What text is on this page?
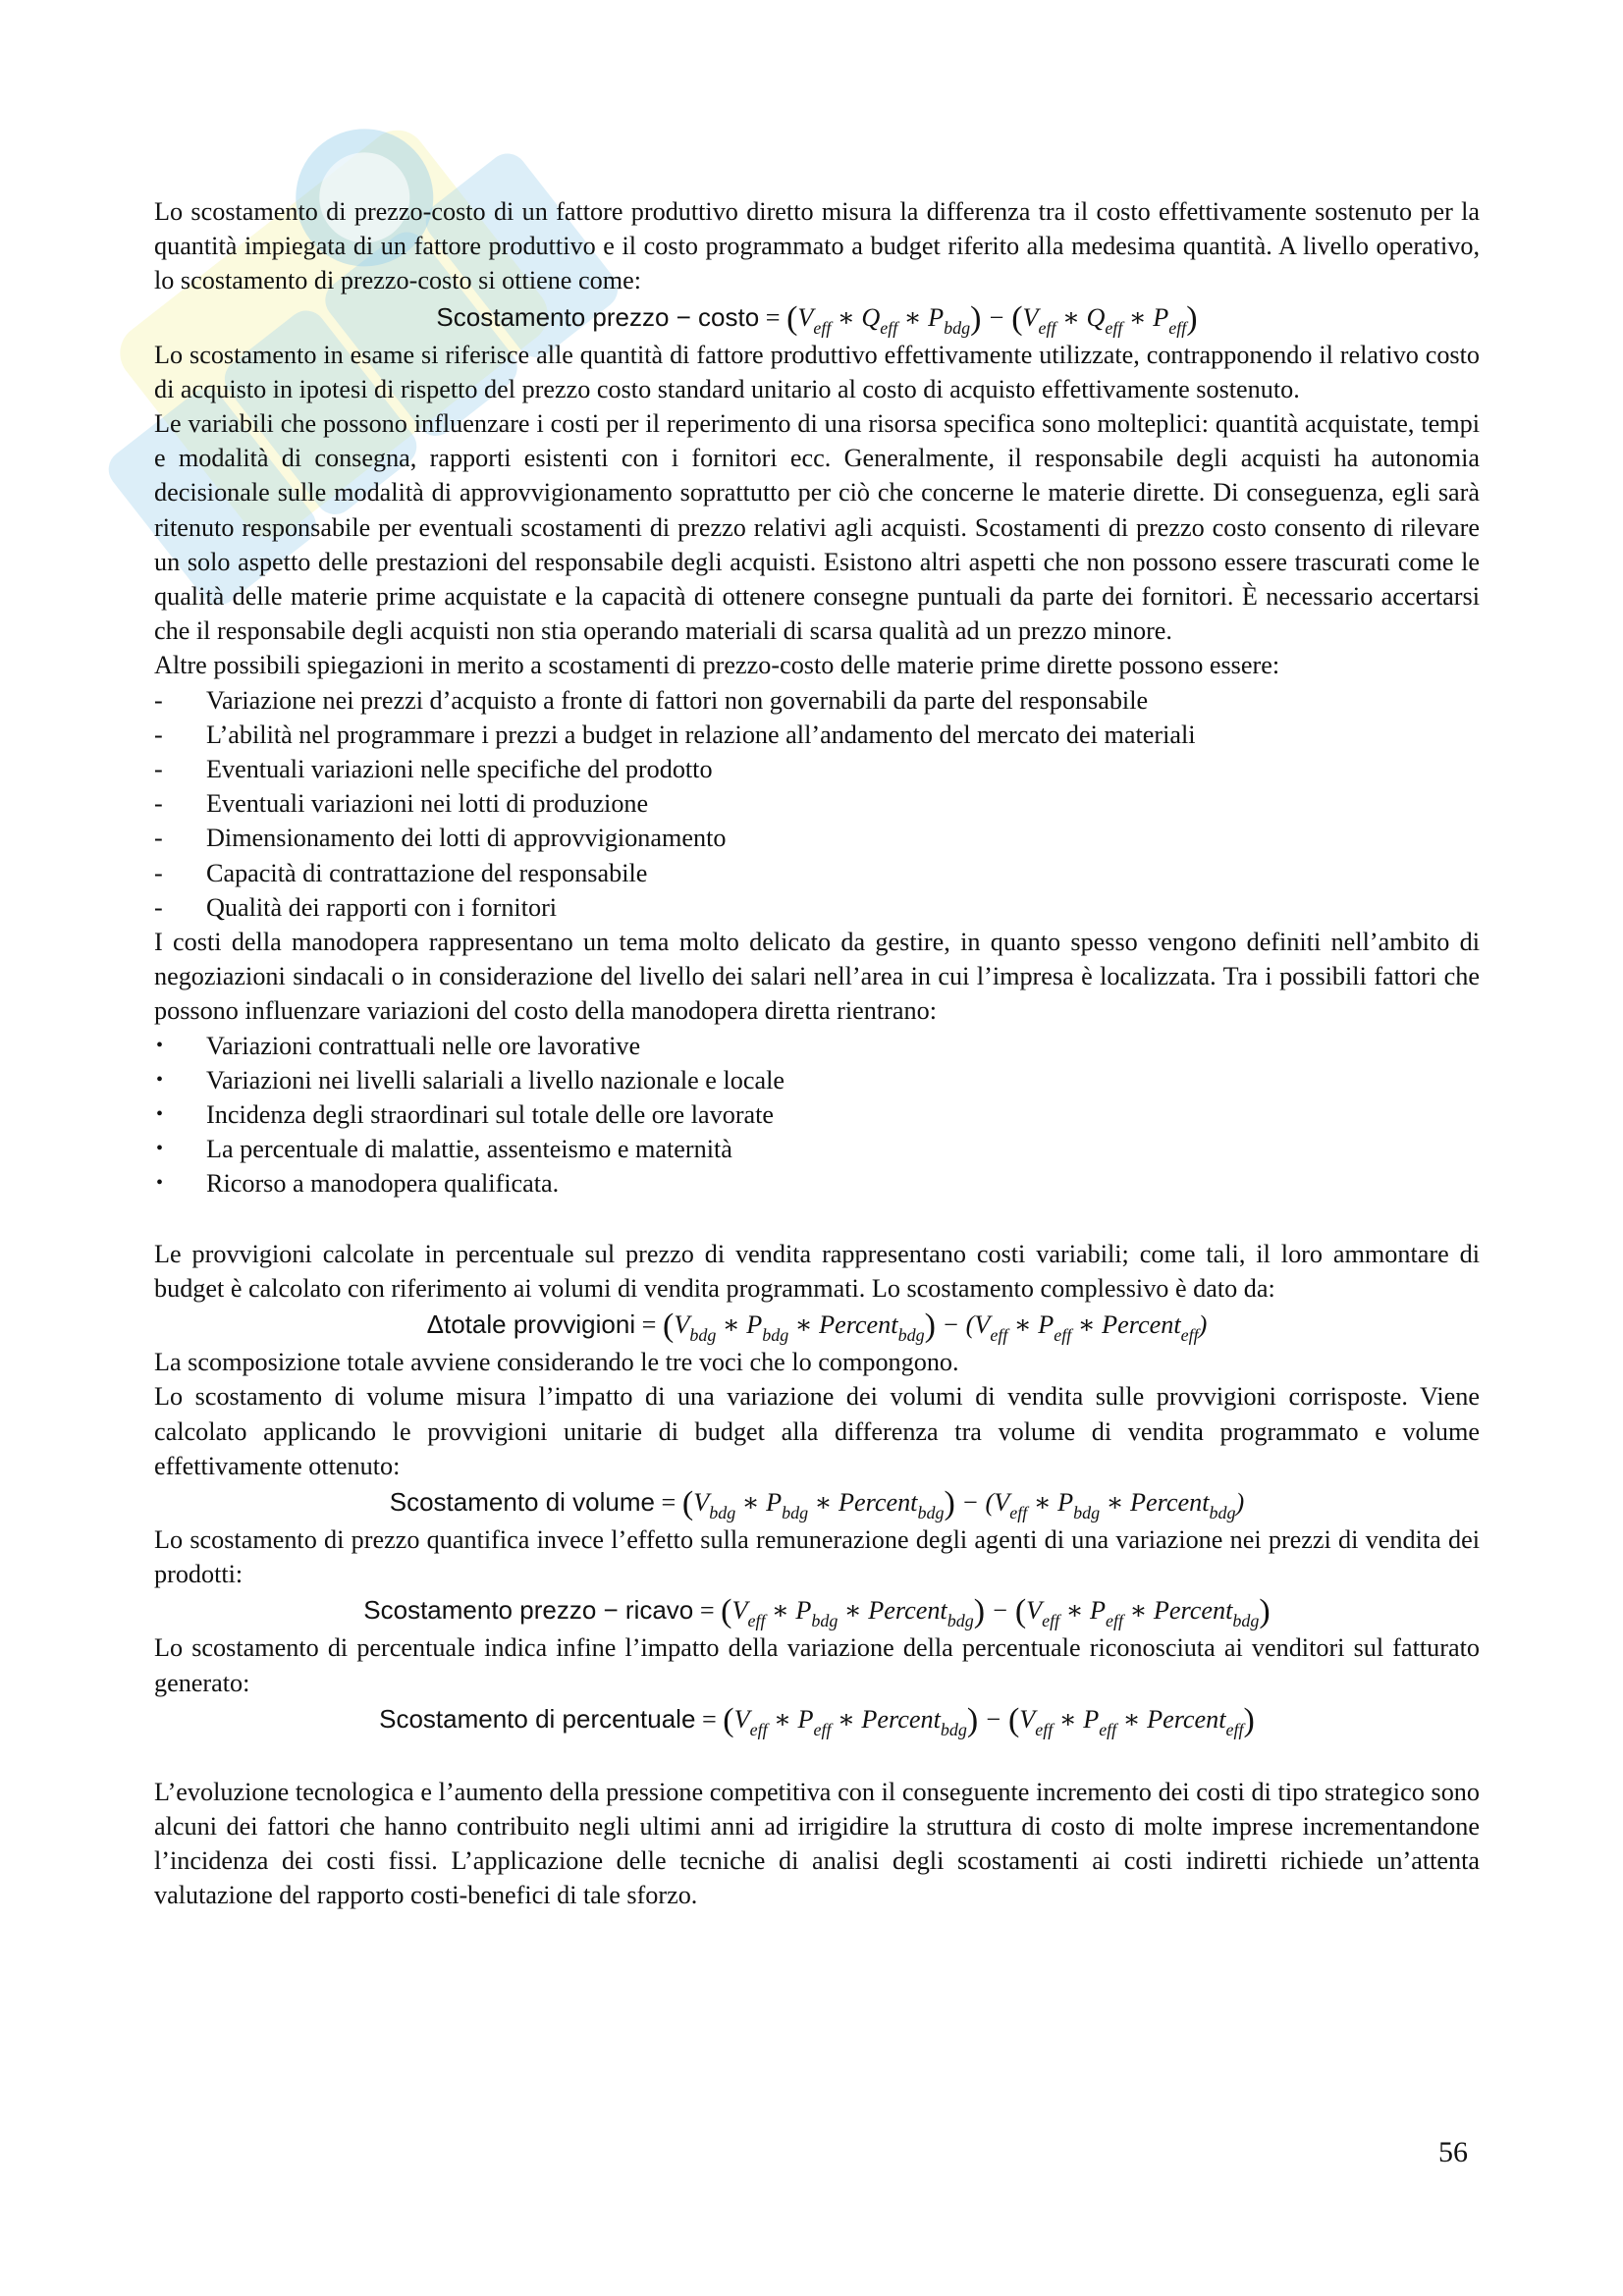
Lo scostamento di prezzo-costo di un fattore produttivo diretto misura la differenza tra il costo effettivamente sostenuto per la quantità impiegata di un fattore produttivo e il costo programmato a budget riferito alla medesima quantità. A livello operativo, lo scostamento di prezzo-costo si ottiene come:

Scostamento prezzo − costo = ($V_{eff}$ ∗ $Q_{eff}$ ∗ $P_{bdg}) - (V_{eff}$ ∗ $Q_{eff}$ ∗ $P_{eff}$)

Lo scostamento in esame si riferisce alle quantità di fattore produttivo effettivamente utilizzate, contrapponendo il relativo costo di acquisto in ipotesi di rispetto del prezzo costo standard unitario al costo di acquisto effettivamente sostenuto.

Le variabili che possono influenzare i costi per il reperimento di una risorsa specifica sono molteplici: quantità acquistate, tempi e modalità di consegna, rapporti esistenti con i fornitori ecc. Generalmente, il responsabile degli acquisti ha autonomia decisionale sulle modalità di approvvigionamento soprattutto per ciò che concerne le materie dirette. Di conseguenza, egli sarà ritenuto responsabile per eventuali scostamenti di prezzo relativi agli acquisti. Scostamenti di prezzo costo consento di rilevare un solo aspetto delle prestazioni del responsabile degli acquisti. Esistono altri aspetti che non possono essere trascurati come le qualità delle materie prime acquistate e la capacità di ottenere consegne puntuali da parte dei fornitori. È necessario accertarsi che il responsabile degli acquisti non stia operando materiali di scarsa qualità ad un prezzo minore.

Altre possibili spiegazioni in merito a scostamenti di prezzo-costo delle materie prime dirette possono essere:

- Variazione nei prezzi d’acquisto a fronte di fattori non governabili da parte del responsabile
- L’abilità nel programmare i prezzi a budget in relazione all’andamento del mercato dei materiali
- Eventuali variazioni nelle specifiche del prodotto
- Eventuali variazioni nei lotti di produzione
- Dimensionamento dei lotti di approvvigionamento
- Capacità di contrattazione del responsabile
- Qualità dei rapporti con i fornitori

I costi della manodopera rappresentano un tema molto delicato da gestire, in quanto spesso vengono definiti nell’ambito di negoziazioni sindacali o in considerazione del livello dei salari nell’area in cui l’impresa è localizzata. Tra i possibili fattori che possono influenzare variazioni del costo della manodopera diretta rientrano:

• Variazioni contrattuali nelle ore lavorative
• Variazioni nei livelli salariali a livello nazionale e locale
• Incidenza degli straordinari sul totale delle ore lavorate
• La percentuale di malattie, assenteismo e maternità
• Ricorso a manodopera qualificata.

Le provvigioni calcolate in percentuale sul prezzo di vendita rappresentano costi variabili; come tali, il loro ammontare di budget è calcolato con riferimento ai volumi di vendita programmati. Lo scostamento complessivo è dato da:

Δtotale provvigioni = ($V_{bdg}$ ∗ $P_{bdg}$ ∗ Percent$_{bdg}$) − ($V_{eff}$ ∗ $P_{eff}$ ∗ Percent$_{eff}$)

La scomposizione totale avviene considerando le tre voci che lo compongono.

Lo scostamento di volume misura l’impatto di una variazione dei volumi di vendita sulle provvigioni corrisposte. Viene calcolato applicando le provvigioni unitarie di budget alla differenza tra volume di vendita programmato e volume effettivamente ottenuto:

Scostamento di volume = ($V_{bdg}$ ∗ $P_{bdg}$ ∗ Percent$_{bdg}$) − ($V_{eff}$ ∗ $P_{bdg}$ ∗ Percent$_{bdg}$)

Lo scostamento di prezzo quantifica invece l’effetto sulla remunerazione degli agenti di una variazione nei prezzi di vendita dei prodotti:

Scostamento prezzo − ricavo = ($V_{eff}$ ∗ $P_{bdg}$ ∗ Percent$_{bdg}$) − ($V_{eff}$ ∗ $P_{eff}$ ∗ Percent$_{bdg}$)

Lo scostamento di percentuale indica infine l’impatto della variazione della percentuale riconosciuta ai venditori sul fatturato generato:

Scostamento di percentuale = ($V_{eff}$ ∗ $P_{eff}$ ∗ Percent$_{bdg}$) − ($V_{eff}$ ∗ $P_{eff}$ ∗ Percent$_{eff}$)

L’evoluzione tecnologica e l’aumento della pressione competitiva con il conseguente incremento dei costi di tipo strategico sono alcuni dei fattori che hanno contribuito negli ultimi anni ad irrigidire la struttura di costo di molte imprese incrementandone l’incidenza dei costi fissi. L’applicazione delle tecniche di analisi degli scostamenti ai costi indiretti richiede un’attenta valutazione del rapporto costi-benefici di tale sforzo.

56
